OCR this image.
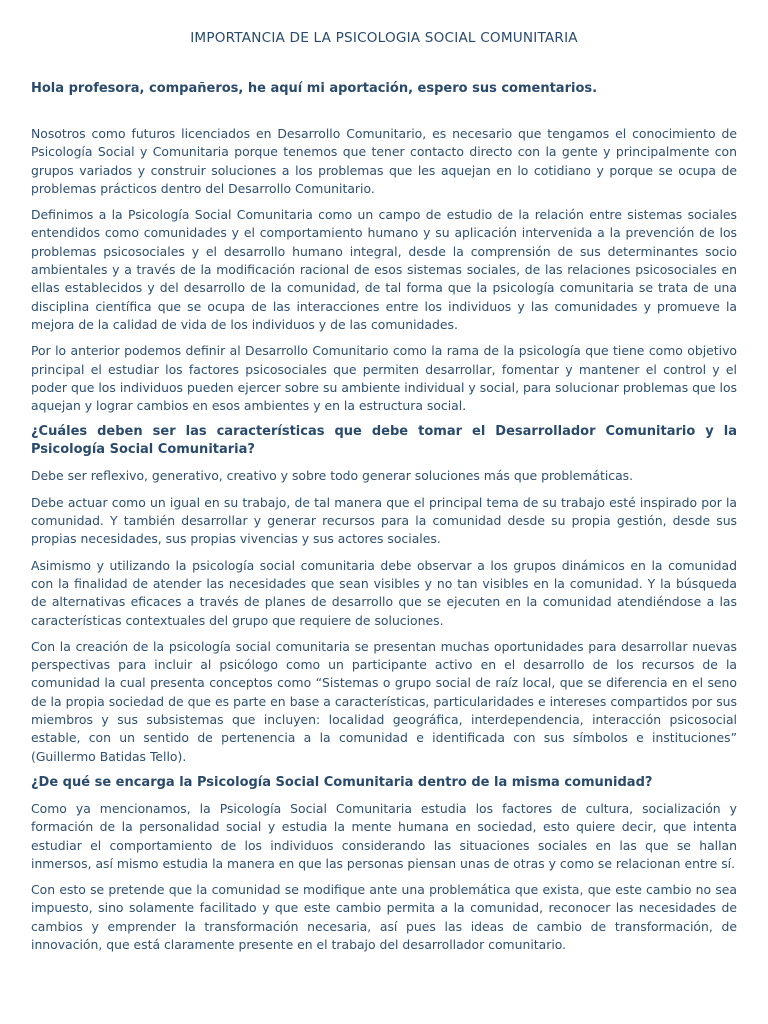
IMPORTANCIA DE LA PSICOLOGIA SOCIAL COMUNITARIA
Hola profesora, compañeros, he aquí mi aportación, espero sus comentarios.

Nosotros como futuros licenciados en Desarrollo Comunitario, es necesario que tengamos el conocimiento de Psicología Social y Comunitaria porque tenemos que tener contacto directo con la gente y principalmente con grupos variados y construir soluciones a los problemas que les aquejan en lo cotidiano y porque se ocupa de problemas prácticos dentro del Desarrollo Comunitario.

Definimos a la Psicología Social Comunitaria como un campo de estudio de la relación entre sistemas sociales entendidos como comunidades y el comportamiento humano y su aplicación intervenida a la prevención de los problemas psicosociales y el desarrollo humano integral, desde la comprensión de sus determinantes socio ambientales y a través de la modificación racional de esos sistemas sociales, de las relaciones psicosociales en ellas establecidos y del desarrollo de la comunidad, de tal forma que la psicología comunitaria se trata de una disciplina científica que se ocupa de las interacciones entre los individuos y las comunidades y promueve la mejora de la calidad de vida de los individuos y de las comunidades.

Por lo anterior podemos definir al Desarrollo Comunitario como la rama de la psicología que tiene como objetivo principal el estudiar los factores psicosociales que permiten desarrollar, fomentar y mantener el control y el poder que los individuos pueden ejercer sobre su ambiente individual y social, para solucionar problemas que los aquejan y lograr cambios en esos ambientes y en la estructura social.

¿Cuáles deben ser las características que debe tomar el Desarrollador Comunitario y la Psicología Social Comunitaria?

Debe ser reflexivo, generativo, creativo y sobre todo generar soluciones más que problemáticas.

Debe actuar como un igual en su trabajo, de tal manera que el principal tema de su trabajo esté inspirado por la comunidad. Y también desarrollar y generar recursos para la comunidad desde su propia gestión, desde sus propias necesidades, sus propias vivencias y sus actores sociales.

Asimismo y utilizando la psicología social comunitaria debe observar a los grupos dinámicos en la comunidad con la finalidad de atender las necesidades que sean visibles y no tan visibles en la comunidad. Y la búsqueda de alternativas eficaces a través de planes de desarrollo que se ejecuten en la comunidad atendiéndose a las características contextuales del grupo que requiere de soluciones.

Con la creación de la psicología social comunitaria se presentan muchas oportunidades para desarrollar nuevas perspectivas para incluir al psicólogo como un participante activo en el desarrollo de los recursos de la comunidad la cual presenta conceptos como “Sistemas o grupo social de raíz local, que se diferencia en el seno de la propia sociedad de que es parte en base a características, particularidades e intereses compartidos por sus miembros y sus subsistemas que incluyen: localidad geográfica, interdependencia, interacción psicosocial estable, con un sentido de pertenencia a la comunidad e identificada con sus símbolos e instituciones” (Guillermo Batidas Tello).

¿De qué se encarga la Psicología Social Comunitaria dentro de la misma comunidad?

Como ya mencionamos, la Psicología Social Comunitaria estudia los factores de cultura, socialización y formación de la personalidad social y estudia la mente humana en sociedad, esto quiere decir, que intenta estudiar el comportamiento de los individuos considerando las situaciones sociales en las que se hallan inmersos, así mismo estudia la manera en que las personas piensan unas de otras y como se relacionan entre sí.

Con esto se pretende que la comunidad se modifique ante una problemática que exista, que este cambio no sea impuesto, sino solamente facilitado y que este cambio permita a la comunidad, reconocer las necesidades de cambios y emprender la transformación necesaria, así pues las ideas de cambio de transformación, de innovación, que está claramente presente en el trabajo del desarrollador comunitario.
